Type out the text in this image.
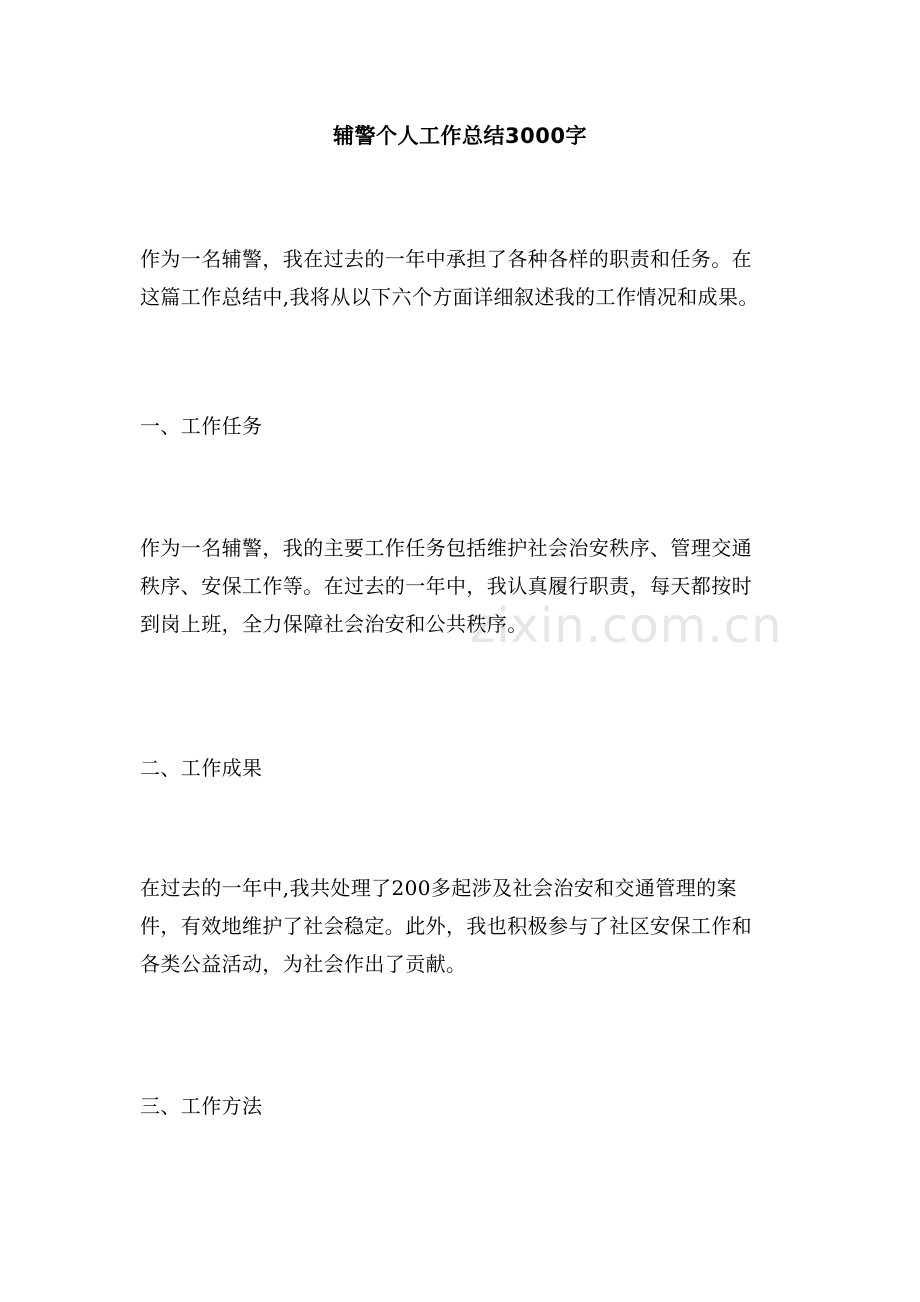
zixin.com.cn
辅警个人工作总结3000字
作为一名辅警，我在过去的一年中承担了各种各样的职责和任务。在
这篇工作总结中,我将从以下六个方面详细叙述我的工作情况和成果。
一、工作任务
作为一名辅警，我的主要工作任务包括维护社会治安秩序、管理交通
秩序、安保工作等。在过去的一年中，我认真履行职责，每天都按时
到岗上班，全力保障社会治安和公共秩序。
二、工作成果
在过去的一年中,我共处理了200多起涉及社会治安和交通管理的案
件，有效地维护了社会稳定。此外，我也积极参与了社区安保工作和
各类公益活动，为社会作出了贡献。
三、工作方法
